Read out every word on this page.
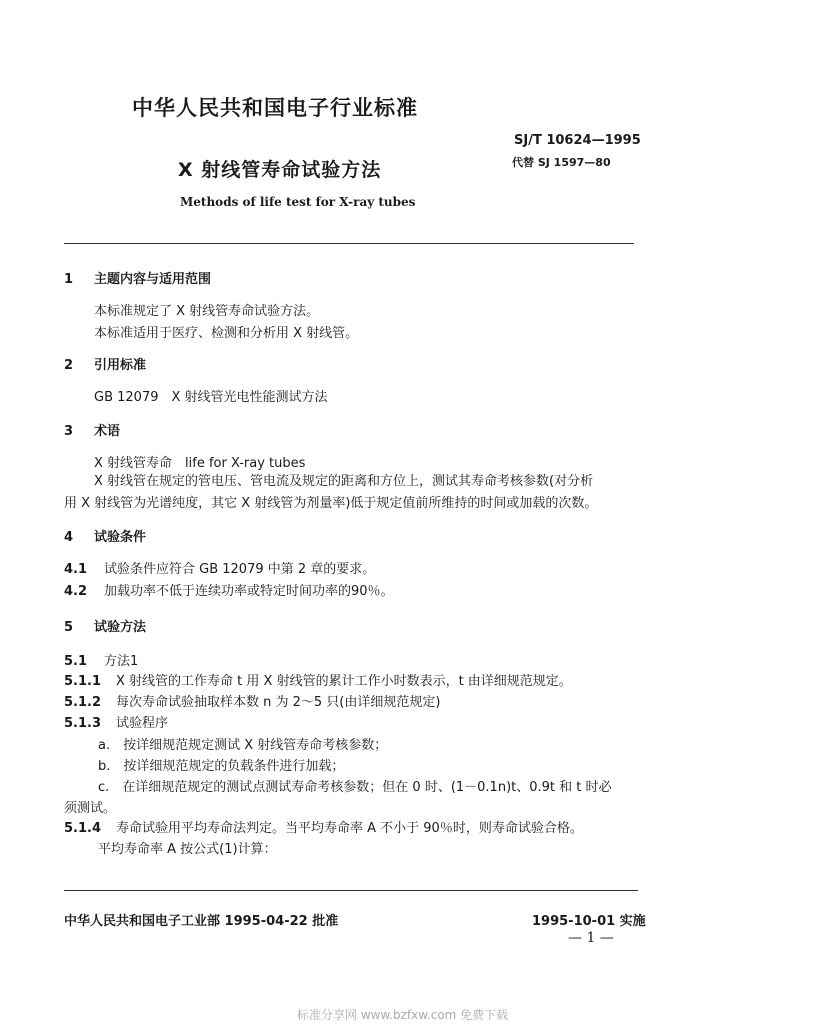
中华人民共和国电子行业标准
SJ/T 10624—1995
代替 SJ 1597—80
X 射线管寿命试验方法
Methods of life test for X-ray tubes
1 主题内容与适用范围
本标准规定了 X 射线管寿命试验方法。
本标准适用于医疗、检测和分析用 X 射线管。
2 引用标准
GB 12079　X 射线管光电性能测试方法
3 术语
X 射线管寿命　life for X-ray tubes
X 射线管在规定的管电压、管电流及规定的距离和方位上，测试其寿命考核参数(对分析
用 X 射线管为光谱纯度，其它 X 射线管为剂量率)低于规定值前所维持的时间或加载的次数。
4 试验条件
4.1 试验条件应符合 GB 12079 中第 2 章的要求。
4.2 加载功率不低于连续功率或特定时间功率的90％。
5 试验方法
5.1 方法1
5.1.1 X 射线管的工作寿命 t 用 X 射线管的累计工作小时数表示，t 由详细规范规定。
5.1.2 每次寿命试验抽取样本数 n 为 2～5 只(由详细规范规定)
5.1.3 试验程序
a.　按详细规范规定测试 X 射线管寿命考核参数；
b.　按详细规范规定的负载条件进行加载；
c.　在详细规范规定的测试点测试寿命考核参数；但在 0 时、(1－0.1n)t、0.9t 和 t 时必
须测试。
5.1.4 寿命试验用平均寿命法判定。当平均寿命率 A 不小于 90％时，则寿命试验合格。
平均寿命率 A 按公式(1)计算：
中华人民共和国电子工业部 1995-04-22 批准	1995-10-01 实施
— 1 —
标准分享网 www.bzfxw.com 免费下载
